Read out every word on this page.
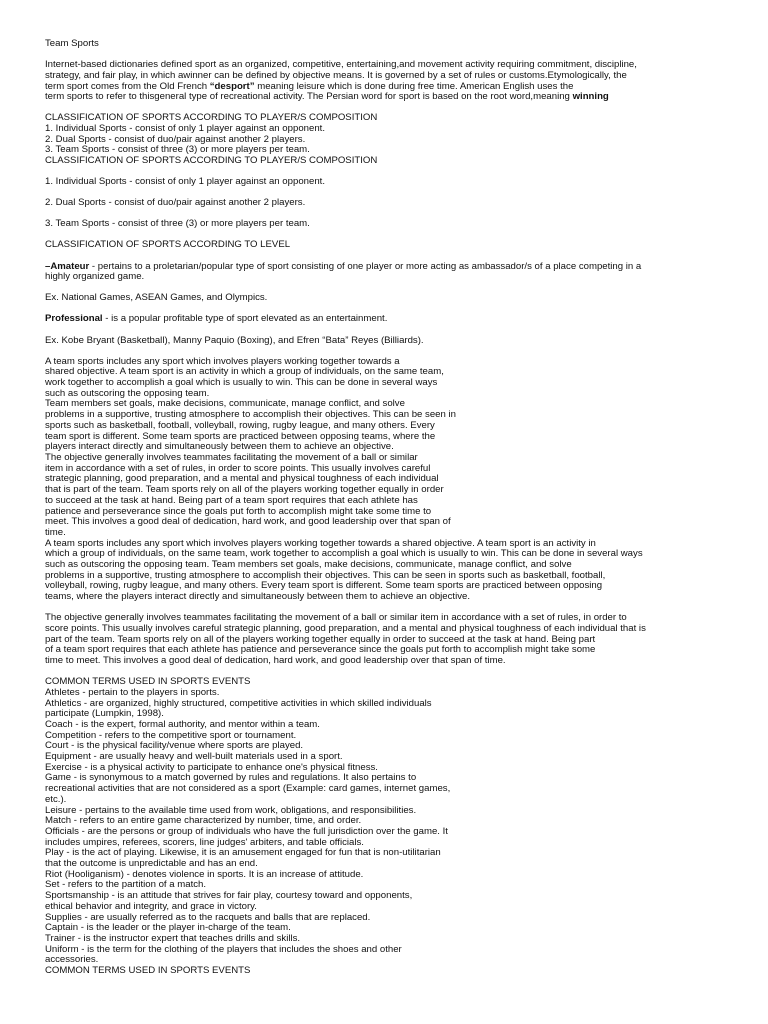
Team Sports

Internet-based dictionaries defined sport as an organized, competitive, entertaining,and movement activity requiring commitment, discipline,

strategy, and fair play, in which awinner can be defined by objective means. It is governed by a set of rules or customs.Etymologically, the

term sport comes from the Old French “desport” meaning leisure which is done during free time. American English uses the

term sports to refer to thisgeneral type of recreational activity. The Persian word for sport is based on the root word,meaning winning

CLASSIFICATION OF SPORTS ACCORDING TO PLAYER/S COMPOSITION

1. Individual Sports - consist of only 1 player against an opponent.

2. Dual Sports - consist of duo/pair against another 2 players.

3. Team Sports - consist of three (3) or more players per team.

CLASSIFICATION OF SPORTS ACCORDING TO PLAYER/S COMPOSITION

1. Individual Sports - consist of only 1 player against an opponent.

2. Dual Sports - consist of duo/pair against another 2 players.

3. Team Sports - consist of three (3) or more players per team.

CLASSIFICATION OF SPORTS ACCORDING TO LEVEL

–Amateur - pertains to a proletarian/popular type of sport consisting of one player or more acting as ambassador/s of a place competing in a

highly organized game.

Ex. National Games, ASEAN Games, and Olympics.

Professional - is a popular profitable type of sport elevated as an entertainment.

Ex. Kobe Bryant (Basketball), Manny Paquio (Boxing), and Efren “Bata” Reyes (Billiards).

A team sports includes any sport which involves players working together towards a

shared objective. A team sport is an activity in which a group of individuals, on the same team,

work together to accomplish a goal which is usually to win. This can be done in several ways

such as outscoring the opposing team.

Team members set goals, make decisions, communicate, manage conflict, and solve

problems in a supportive, trusting atmosphere to accomplish their objectives. This can be seen in

sports such as basketball, football, volleyball, rowing, rugby league, and many others. Every

team sport is different. Some team sports are practiced between opposing teams, where the

players interact directly and simultaneously between them to achieve an objective.

The objective generally involves teammates facilitating the movement of a ball or similar

item in accordance with a set of rules, in order to score points. This usually involves careful

strategic planning, good preparation, and a mental and physical toughness of each individual

that is part of the team. Team sports rely on all of the players working together equally in order

to succeed at the task at hand. Being part of a team sport requires that each athlete has

patience and perseverance since the goals put forth to accomplish might take some time to

meet. This involves a good deal of dedication, hard work, and good leadership over that span of

time.

A team sports includes any sport which involves players working together towards a shared objective. A team sport is an activity in

which a group of individuals, on the same team, work together to accomplish a goal which is usually to win. This can be done in several ways

such as outscoring the opposing team. Team members set goals, make decisions, communicate, manage conflict, and solve

problems in a supportive, trusting atmosphere to accomplish their objectives. This can be seen in sports such as basketball, football,

volleyball, rowing, rugby league, and many others. Every team sport is different. Some team sports are practiced between opposing

teams, where the players interact directly and simultaneously between them to achieve an objective.

The objective generally involves teammates facilitating the movement of a ball or similar item in accordance with a set of rules, in order to

score points. This usually involves careful strategic planning, good preparation, and a mental and physical toughness of each individual that is

part of the team. Team sports rely on all of the players working together equally in order to succeed at the task at hand. Being part

of a team sport requires that each athlete has patience and perseverance since the goals put forth to accomplish might take some

time to meet. This involves a good deal of dedication, hard work, and good leadership over that span of time.

COMMON TERMS USED IN SPORTS EVENTS

Athletes - pertain to the players in sports.

Athletics - are organized, highly structured, competitive activities in which skilled individuals

participate (Lumpkin, 1998).

Coach - is the expert, formal authority, and mentor within a team.

Competition - refers to the competitive sport or tournament.

Court - is the physical facility/venue where sports are played.

Equipment - are usually heavy and well-built materials used in a sport.

Exercise - is a physical activity to participate to enhance one's physical fitness.

Game - is synonymous to a match governed by rules and regulations. It also pertains to

recreational activities that are not considered as a sport (Example: card games, internet games,

etc.).

Leisure - pertains to the available time used from work, obligations, and responsibilities.

Match - refers to an entire game characterized by number, time, and order.

Officials - are the persons or group of individuals who have the full jurisdiction over the game. It

includes umpires, referees, scorers, line judges' arbiters, and table officials.

Play - is the act of playing. Likewise, it is an amusement engaged for fun that is non-utilitarian

that the outcome is unpredictable and has an end.

Riot (Hooliganism) - denotes violence in sports. It is an increase of attitude.

Set - refers to the partition of a match.

Sportsmanship - is an attitude that strives for fair play, courtesy toward and opponents,

ethical behavior and integrity, and grace in victory.

Supplies - are usually referred as to the racquets and balls that are replaced.

Captain - is the leader or the player in-charge of the team.

Trainer - is the instructor expert that teaches drills and skills.

Uniform - is the term for the clothing of the players that includes the shoes and other

accessories.

COMMON TERMS USED IN SPORTS EVENTS
